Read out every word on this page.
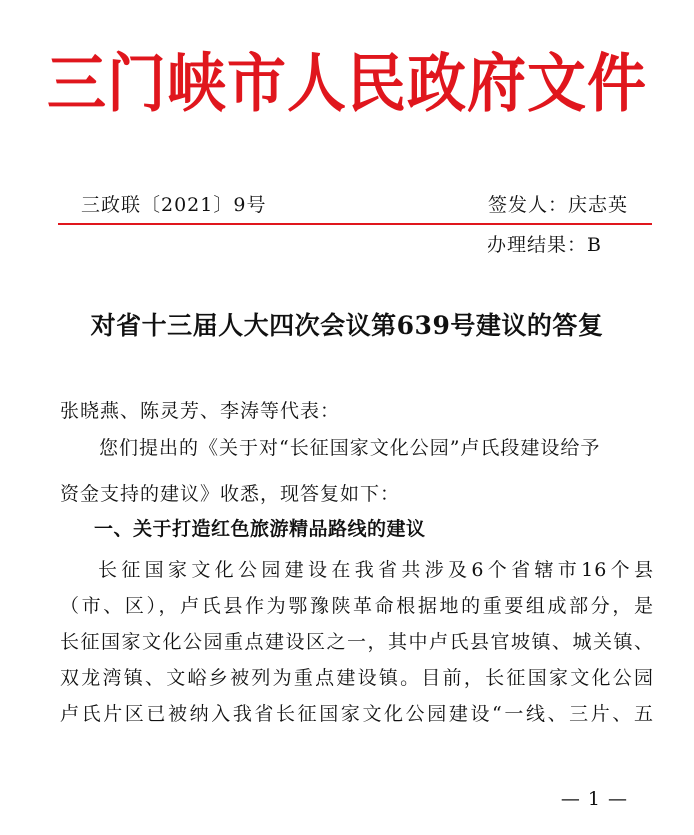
三门峡市人民政府文件
三政联〔2021〕9号	签发人：庆志英
办理结果：B
对省十三届人大四次会议第639号建议的答复
张晓燕、陈灵芳、李涛等代表：
您们提出的《关于对“长征国家文化公园”卢氏段建设给予
资金支持的建议》收悉，现答复如下：
一、关于打造红色旅游精品路线的建议
长征国家文化公园建设在我省共涉及6个省辖市16个县
（市、区），卢氏县作为鄂豫陕革命根据地的重要组成部分，是
长征国家文化公园重点建设区之一，其中卢氏县官坡镇、城关镇、
双龙湾镇、文峪乡被列为重点建设镇。目前，长征国家文化公园
卢氏片区已被纳入我省长征国家文化公园建设“一线、三片、五
— 1 —
